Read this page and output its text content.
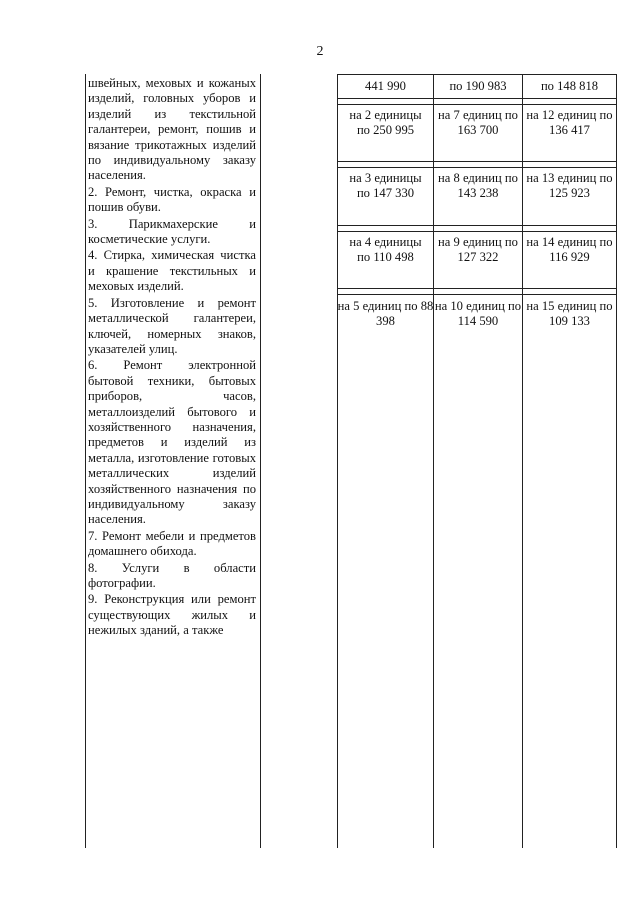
2

швейных, меховых и кожаных изделий, головных уборов и изделий из текстильной галантереи, ремонт, пошив и вязание трикотажных изделий по индивидуальному заказу населения.

2. Ремонт, чистка, окраска и пошив обуви.

3. Парикмахерские и косметические услуги.

4. Стирка, химическая чистка и крашение текстильных и меховых изделий.

5. Изготовление и ремонт металлической галантереи, ключей, номерных знаков, указателей улиц.

6. Ремонт электронной бытовой техники, бытовых приборов, часов, металлоизделий бытового и хозяйственного назначения, предметов и изделий из металла, изготовление готовых металлических изделий хозяйственного назначения по индивидуальному заказу населения.

7. Ремонт мебели и предметов домашнего обихода.

8. Услуги в области фотографии.

9. Реконструкция или ремонт существующих жилых и нежилых зданий, а также

441 990	по 190 983	по 148 818
на 2 единицы по 250 995
на 7 единиц по 163 700
на 12 единиц по 136 417
на 3 единицы по 147 330
на 8 единиц по 143 238
на 13 единиц по 125 923
на 4 единицы по 110 498
на 9 единиц по 127 322
на 14 единиц по 116 929
на 5 единиц по 88 398
на 10 единиц по 114 590
на 15 единиц по 109 133
